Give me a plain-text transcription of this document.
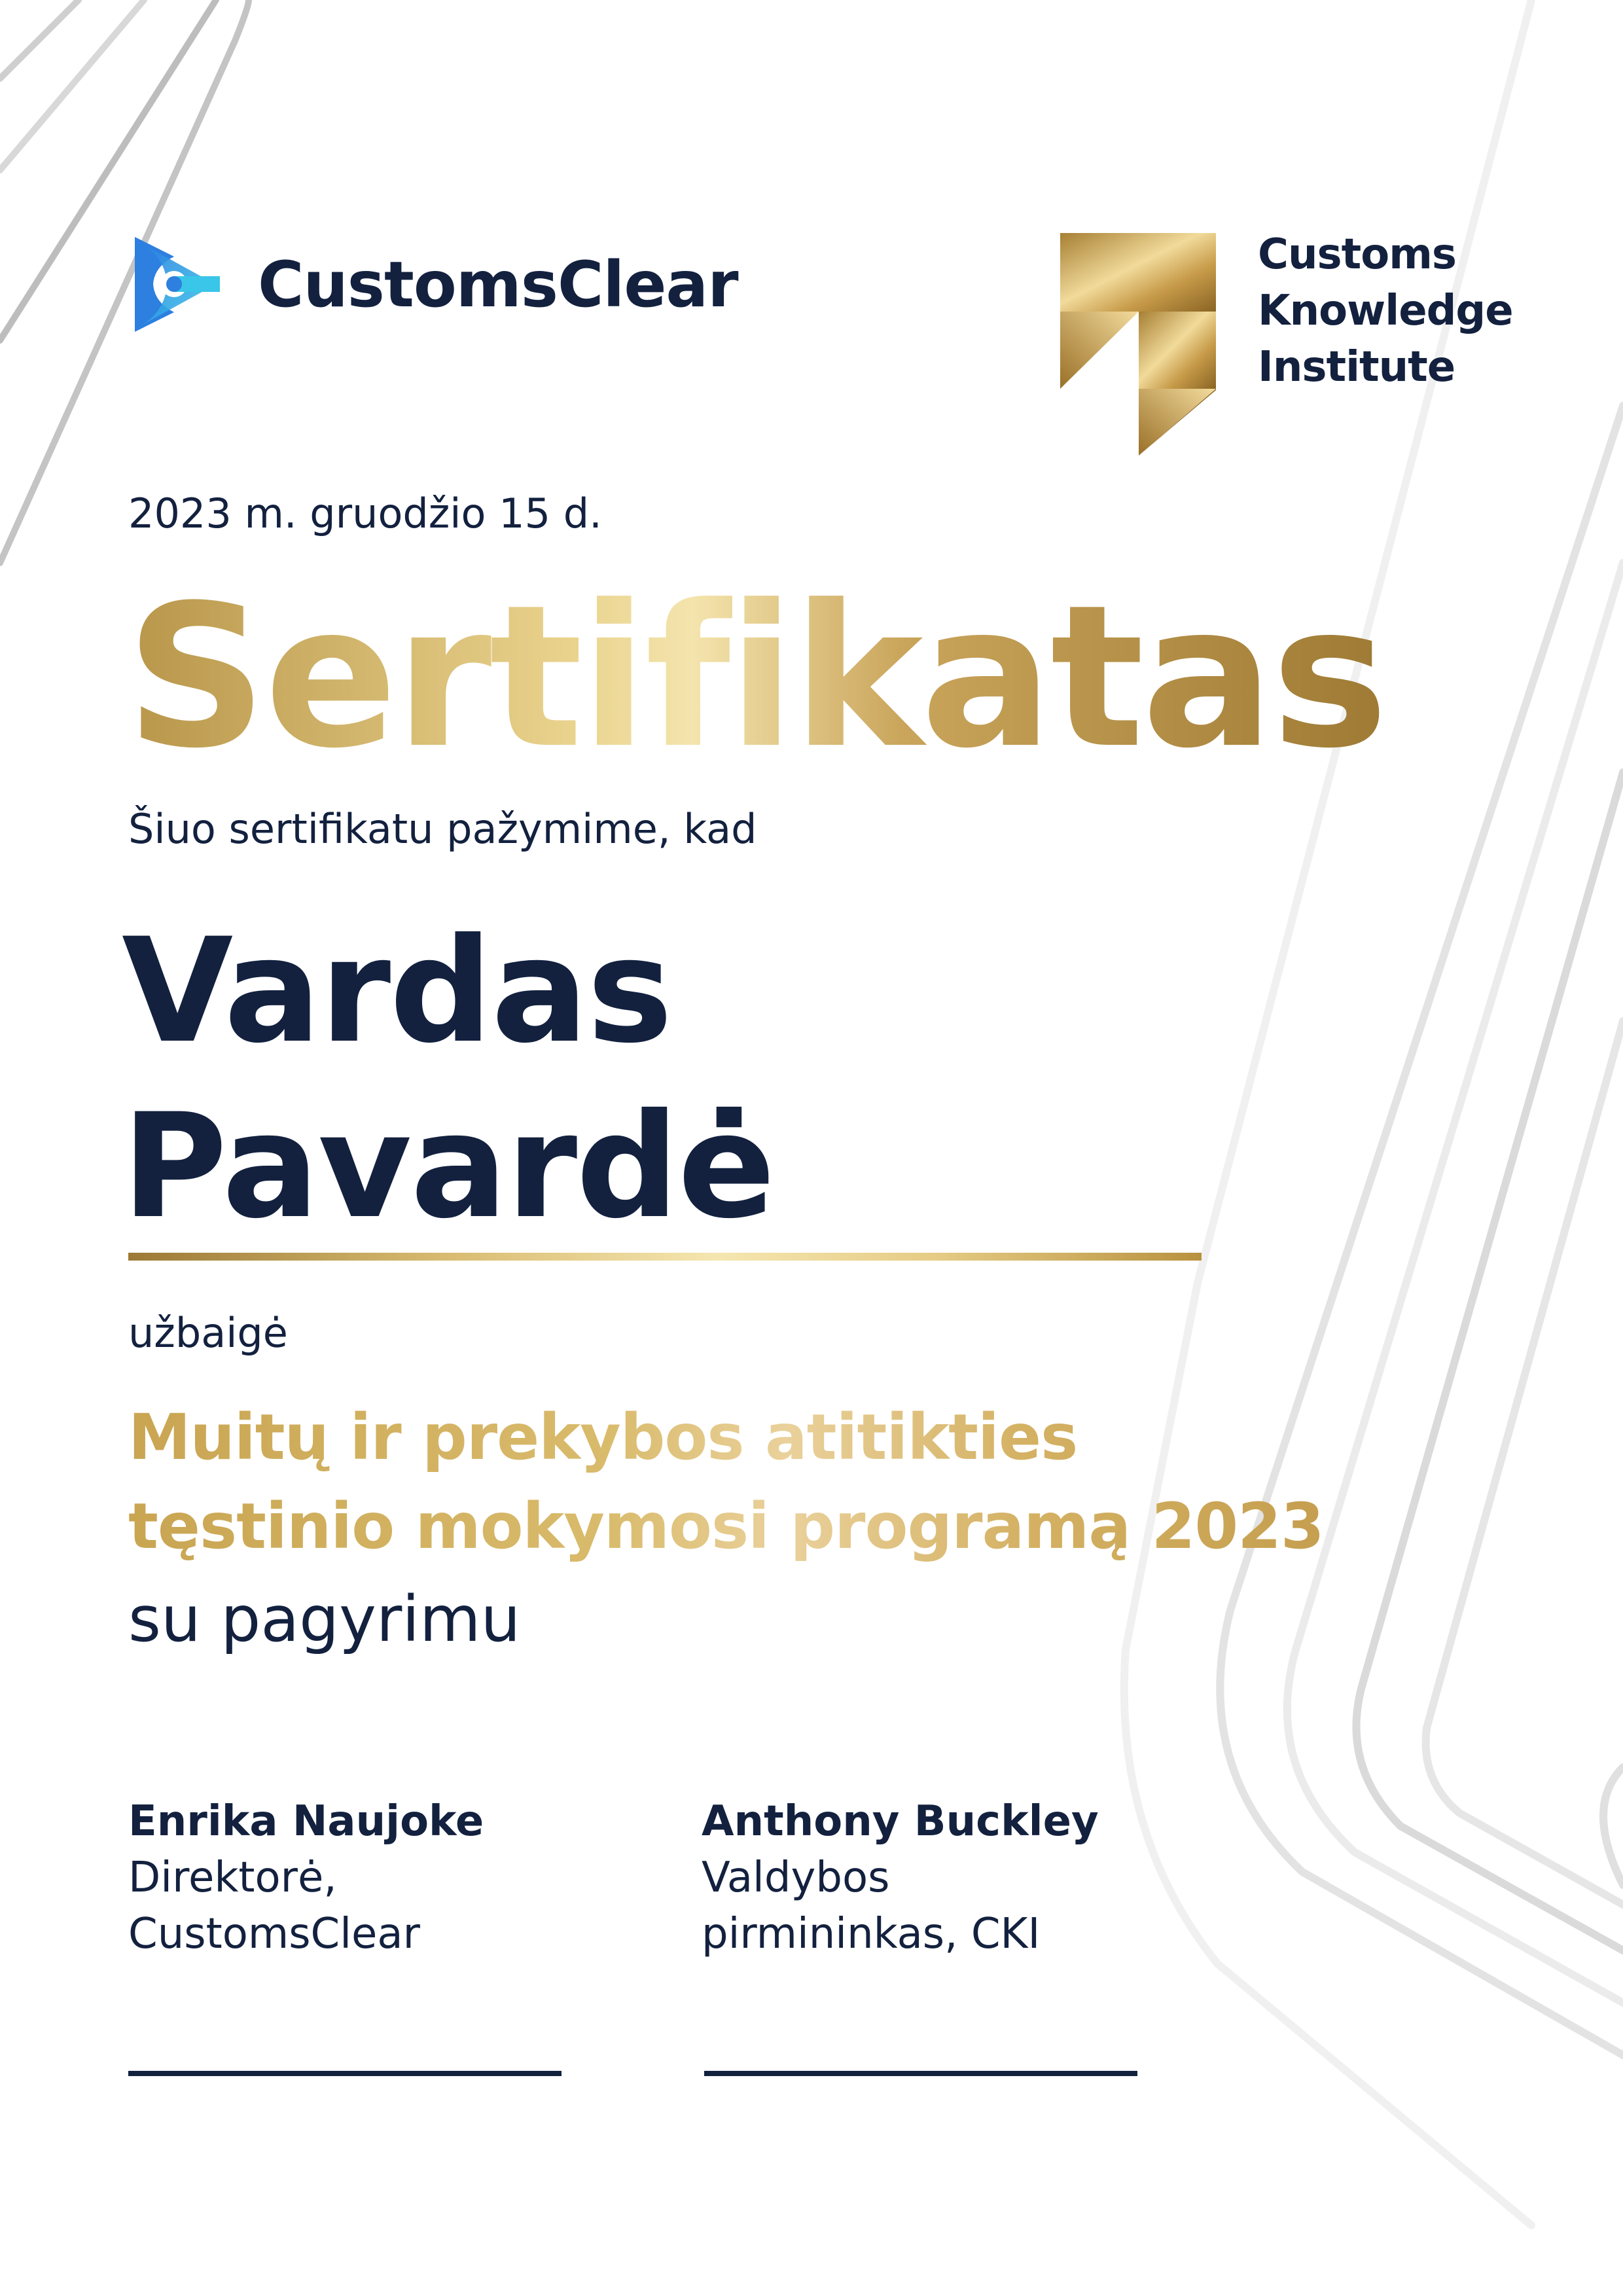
CustomsClear	Customs
Knowledge
Institute
2023 m. gruodžio 15 d.
Sertifikatas
Šiuo sertifikatu pažymime, kad
Vardas
Pavardė
užbaigė
Muitų ir prekybos atitikties
tęstinio mokymosi programą 2023
su pagyrimu
Enrika Naujoke
Direktorė,
CustomsClear
Anthony Buckley
Valdybos
pirmininkas, CKI
